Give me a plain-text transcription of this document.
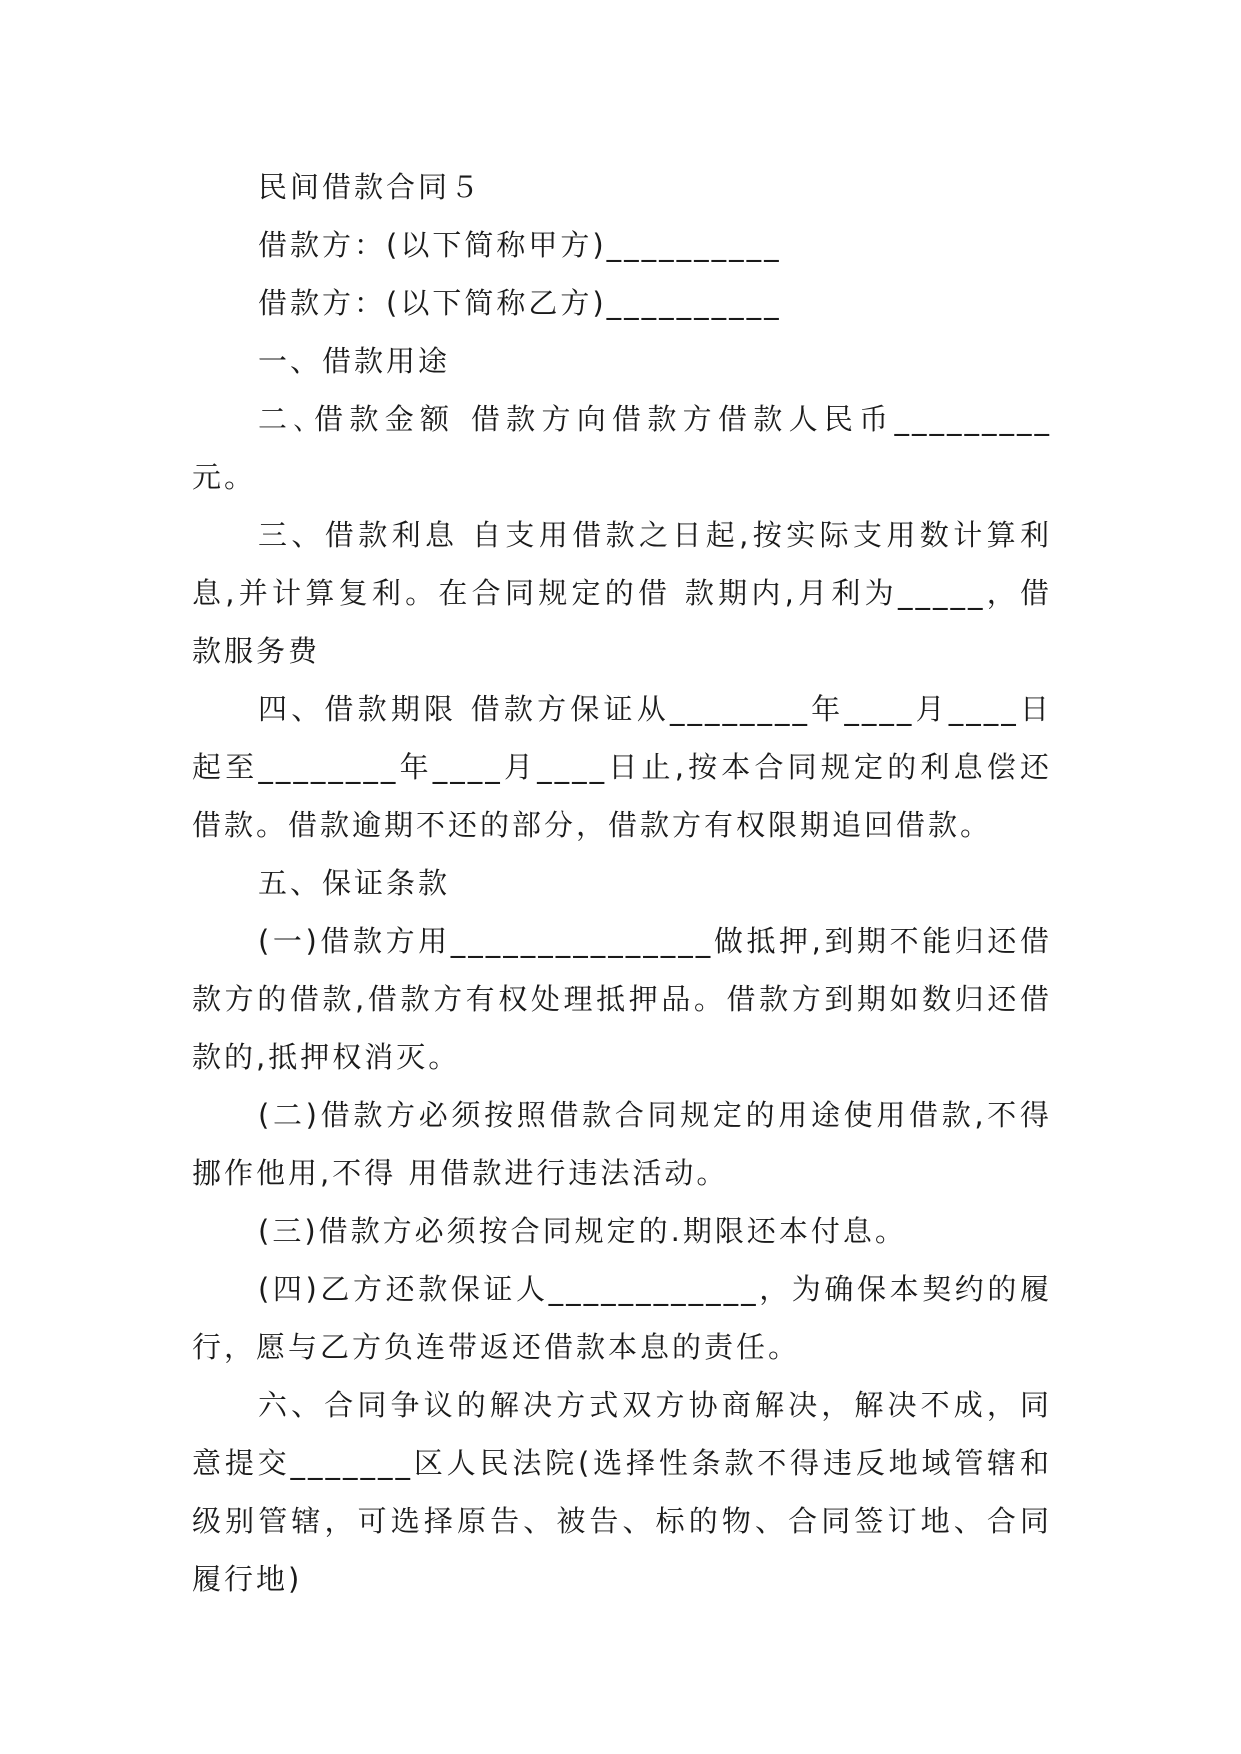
民间借款合同５

借款方：(以下简称甲方)__________

借款方：(以下简称乙方)__________

一、借款用途

二､借款金额 借款方向借款方借款人民币_________元。

三、借款利息 自支用借款之日起,按实际支用数计算利息,并计算复利。在合同规定的借 款期内,月利为_____，借款服务费

四、借款期限 借款方保证从________年____月____日起至________年____月____日止,按本合同规定的利息偿还借款。借款逾期不还的部分，借款方有权限期追回借款。

五、保证条款

(一)借款方用_______________做抵押,到期不能归还借款方的借款,借款方有权处理抵押品。借款方到期如数归还借款的,抵押权消灭。

(二)借款方必须按照借款合同规定的用途使用借款,不得挪作他用,不得 用借款进行违法活动。

(三)借款方必须按合同规定的.期限还本付息。

(四)乙方还款保证人____________，为确保本契约的履行，愿与乙方负连带返还借款本息的责任。

六、合同争议的解决方式双方协商解决，解决不成，同意提交_______区人民法院(选择性条款不得违反地域管辖和级别管辖，可选择原告、被告、标的物、合同签订地、合同履行地)
